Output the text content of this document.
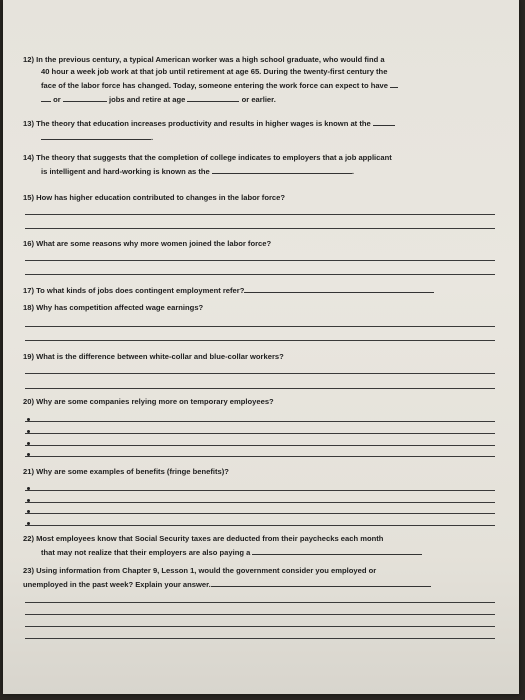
12) In the previous century, a typical American worker was a high school graduate, who would find a
40 hour a week job work at that job until retirement at age 65. During the twenty-first century the
face of the labor force has changed. Today, someone entering the work force can expect to have
or	jobs and retire at age	or earlier.
13) The theory that education increases productivity and results in higher wages is known at the
.
14) The theory that suggests that the completion of college indicates to employers that a job applicant
is intelligent and hard-working is known as the	.
15) How has higher education contributed to changes in the labor force?
16) What are some reasons why more women joined the labor force?
17) To what kinds of jobs does contingent employment refer?
18) Why has competition affected wage earnings?
19) What is the difference between white-collar and blue-collar workers?
20) Why are some companies relying more on temporary employees?
21) Why are some examples of benefits (fringe benefits)?
22) Most employees know that Social Security taxes are deducted from their paychecks each month
that may not realize that their employers are also paying a
23) Using information from Chapter 9, Lesson 1, would the government consider you employed or
unemployed in the past week? Explain your answer.
